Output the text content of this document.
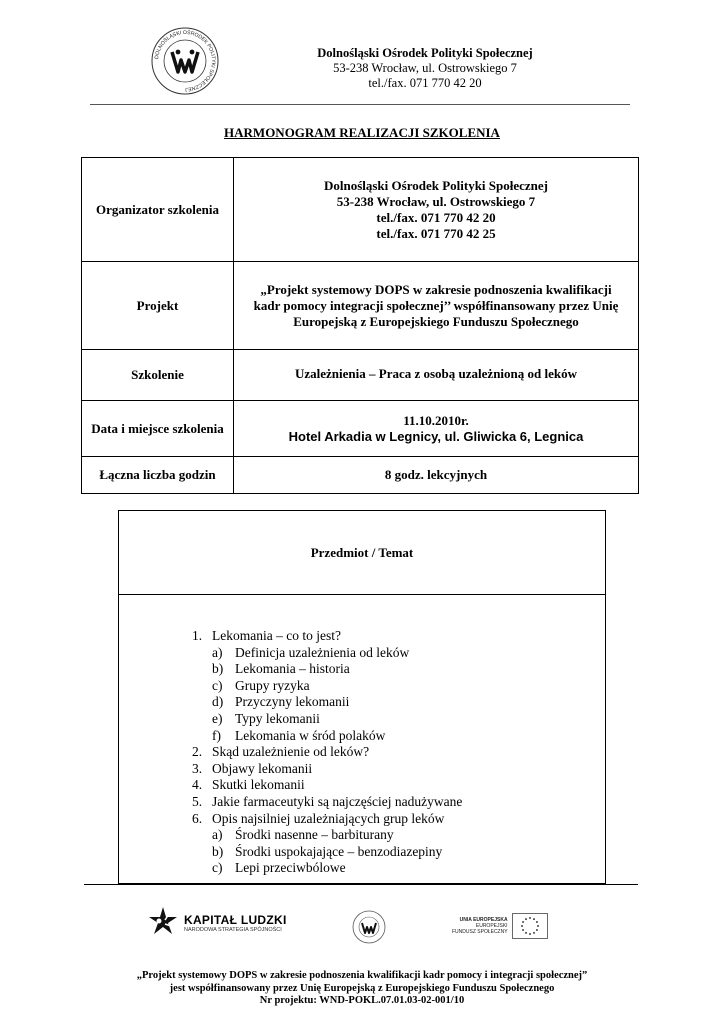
DOLNOŚLĄSKI OŚRODEK POLITYKI SPOŁECZNEJ
Dolnośląski Ośrodek Polityki Społecznej
53-238 Wrocław, ul. Ostrowskiego 7
tel./fax. 071 770 42 20
HARMONOGRAM REALIZACJI SZKOLENIA
Organizator szkolenia	Dolnośląski Ośrodek Polityki Społecznej
53-238 Wrocław, ul. Ostrowskiego 7
tel./fax. 071 770 42 20
tel./fax. 071 770 42 25

Projekt	„Projekt systemowy DOPS w zakresie podnoszenia kwalifikacji kadr pomocy integracji społecznej’’ współfinansowany przez Unię Europejską z Europejskiego Funduszu Społecznego
Szkolenie	Uzależnienia – Praca z osobą uzależnioną od leków
Data i miejsce szkolenia	11.10.2010r.
Hotel Arkadia w Legnicy, ul. Gliwicka 6, Legnica

Łączna liczba godzin	8 godz. lekcyjnych
Przedmiot / Temat
1. Lekomania – co to jest?
a) Definicja uzależnienia od leków
b) Lekomania – historia
c) Grupy ryzyka
d) Przyczyny lekomanii
e) Typy lekomanii
f)	Lekomania w śród polaków
2. Skąd uzależnienie od leków?
3. Objawy lekomanii
4. Skutki lekomanii
5. Jakie farmaceutyki są najczęściej nadużywane
6. Opis najsilniej uzależniających grup leków
a) Środki nasenne – barbiturany
b) Środki uspokajające – benzodiazepiny
c) Lepi przeciwbólowe
KAPITAŁ LUDZKI
NARODOWA STRATEGIA SPÓJNOŚCI
UNIA EUROPEJSKA
EUROPEJSKI
FUNDUSZ SPOŁECZNY
„Projekt systemowy DOPS w zakresie podnoszenia kwalifikacji kadr pomocy i integracji społecznej”
jest współfinansowany przez Unię Europejską z Europejskiego Funduszu Społecznego
Nr projektu: WND-POKL.07.01.03-02-001/10
